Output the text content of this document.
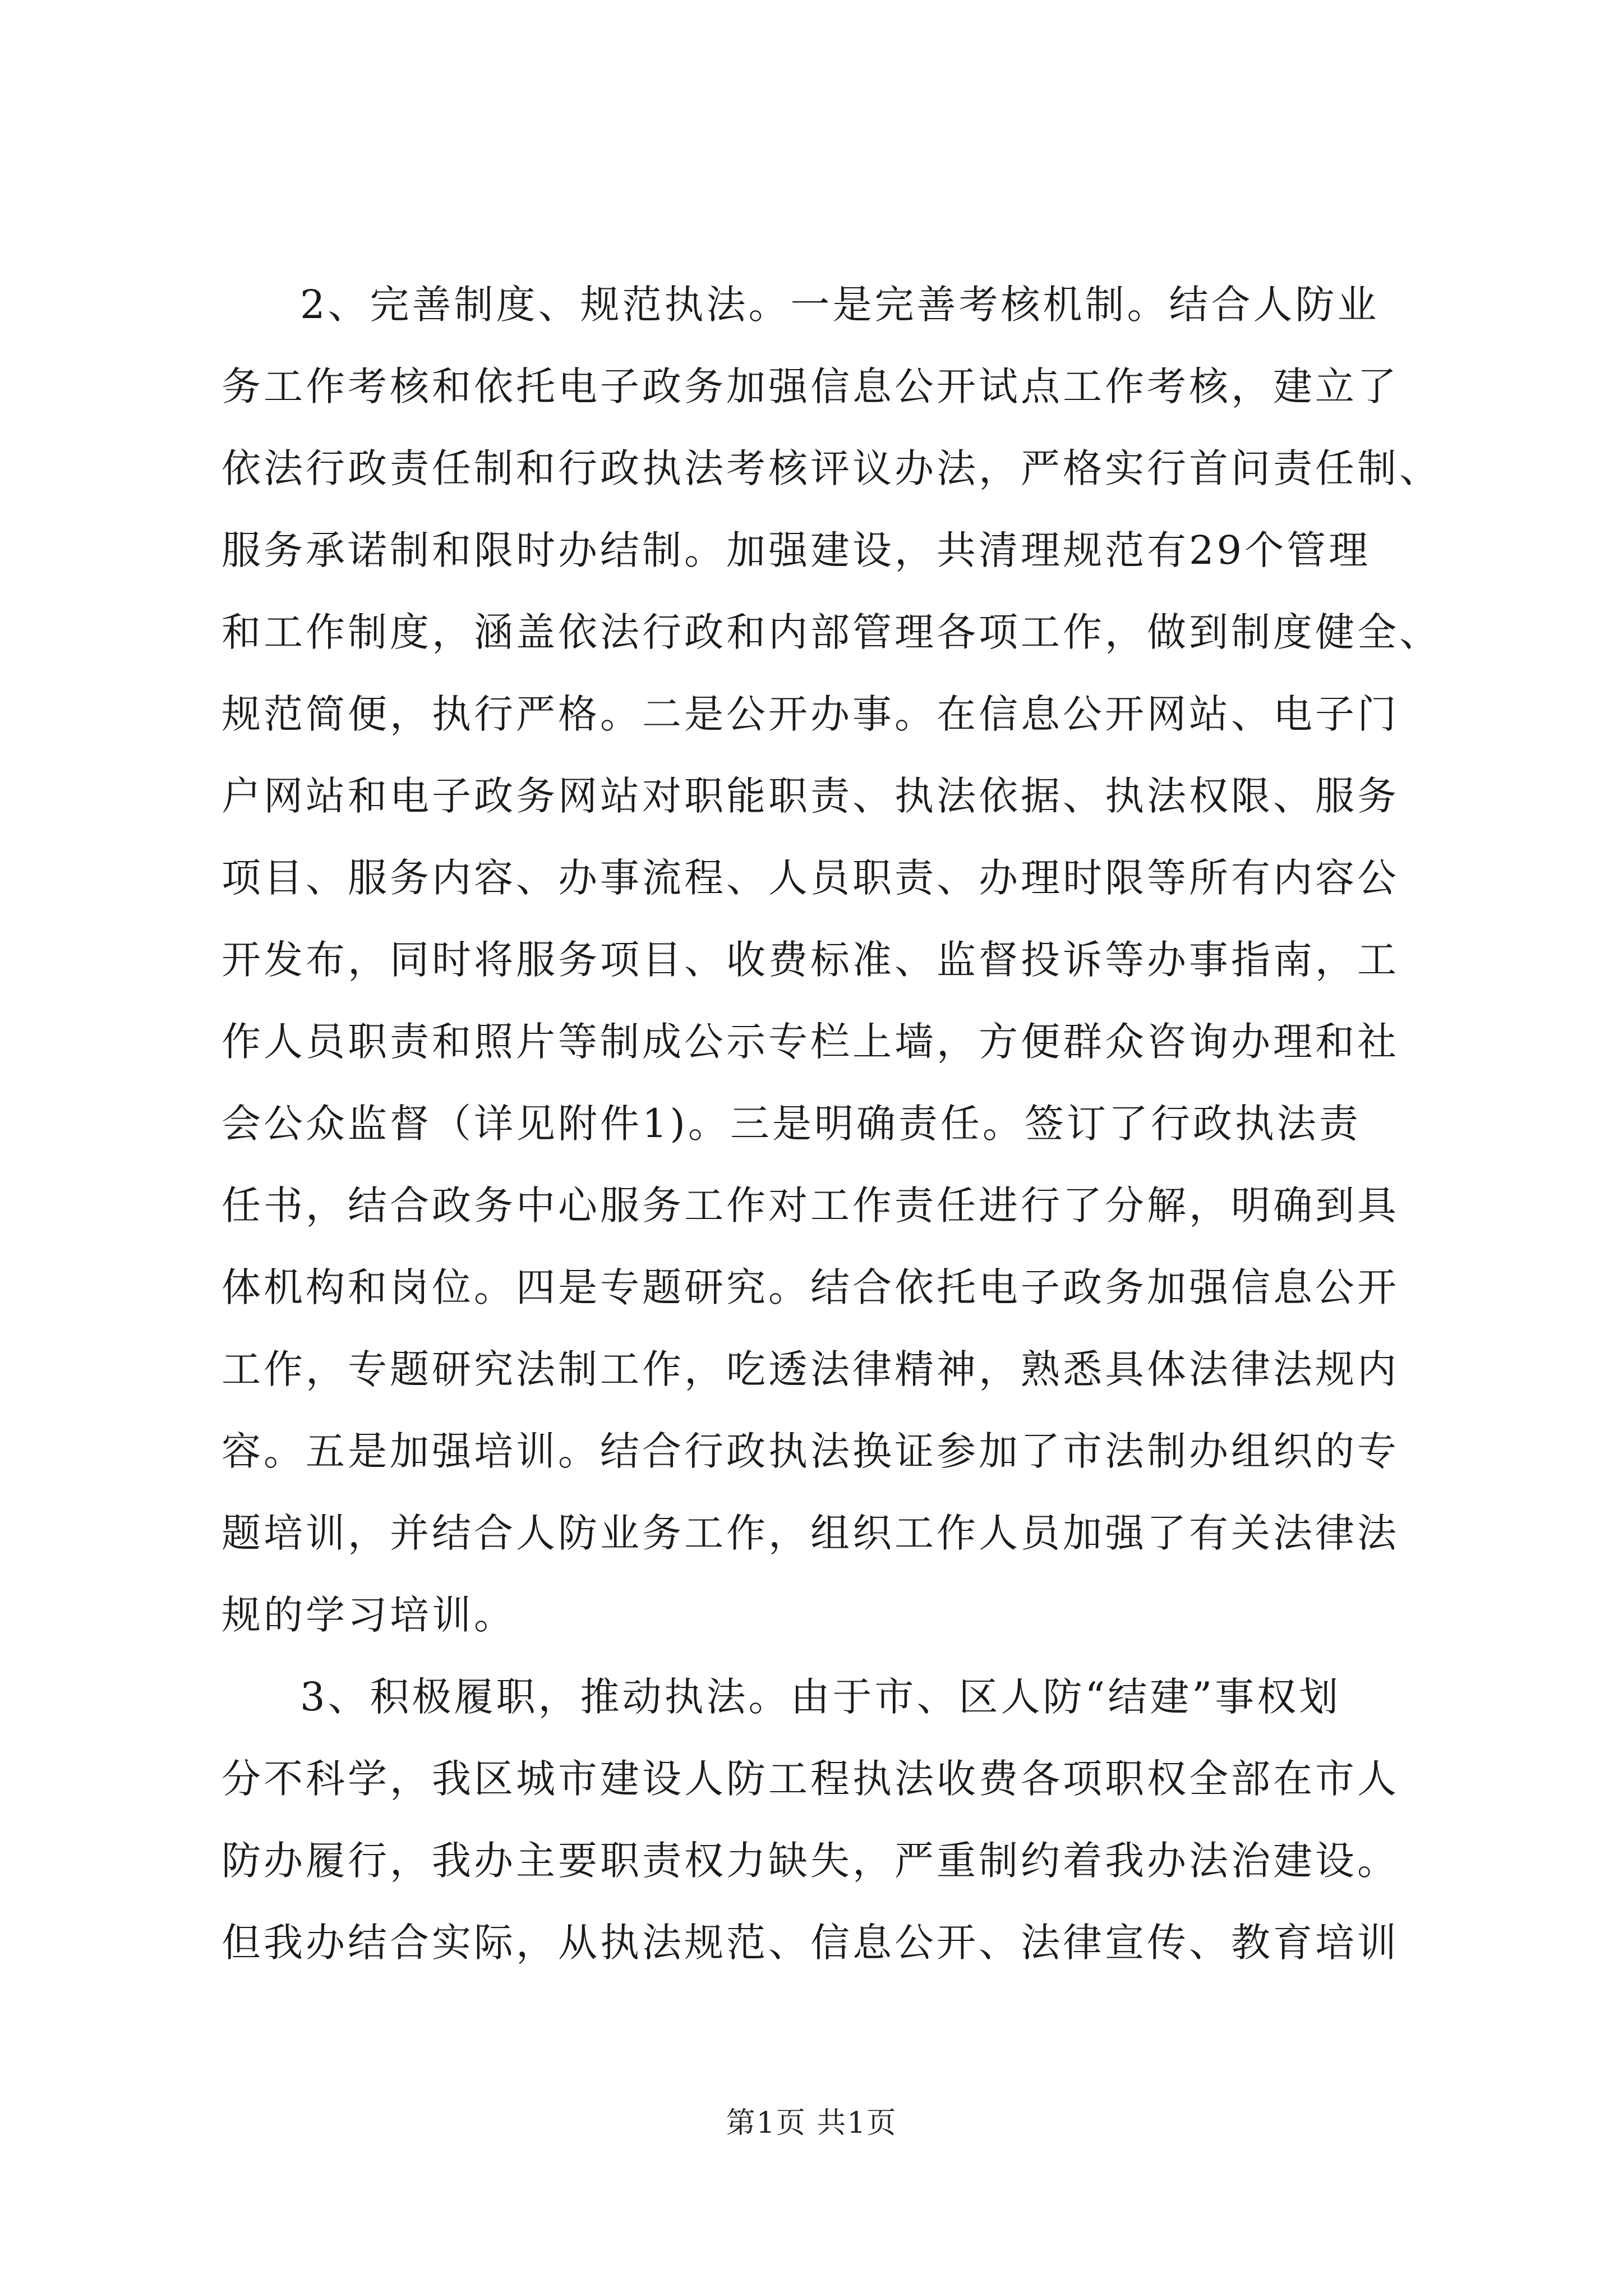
2、完善制度、规范执法。一是完善考核机制。结合人防业
务工作考核和依托电子政务加强信息公开试点工作考核，建立了
依法行政责任制和行政执法考核评议办法，严格实行首问责任制、
服务承诺制和限时办结制。加强建设，共清理规范有29个管理
和工作制度，涵盖依法行政和内部管理各项工作，做到制度健全、
规范简便，执行严格。二是公开办事。在信息公开网站、电子门
户网站和电子政务网站对职能职责、执法依据、执法权限、服务
项目、服务内容、办事流程、人员职责、办理时限等所有内容公
开发布，同时将服务项目、收费标准、监督投诉等办事指南，工
作人员职责和照片等制成公示专栏上墙，方便群众咨询办理和社
会公众监督（详见附件1)。三是明确责任。签订了行政执法责
任书，结合政务中心服务工作对工作责任进行了分解，明确到具
体机构和岗位。四是专题研究。结合依托电子政务加强信息公开
工作，专题研究法制工作，吃透法律精神，熟悉具体法律法规内
容。五是加强培训。结合行政执法换证参加了市法制办组织的专
题培训，并结合人防业务工作，组织工作人员加强了有关法律法
规的学习培训。
3、积极履职，推动执法。由于市、区人防“结建”事权划
分不科学，我区城市建设人防工程执法收费各项职权全部在市人
防办履行，我办主要职责权力缺失，严重制约着我办法治建设。
但我办结合实际，从执法规范、信息公开、法律宣传、教育培训
第1页 共1页
